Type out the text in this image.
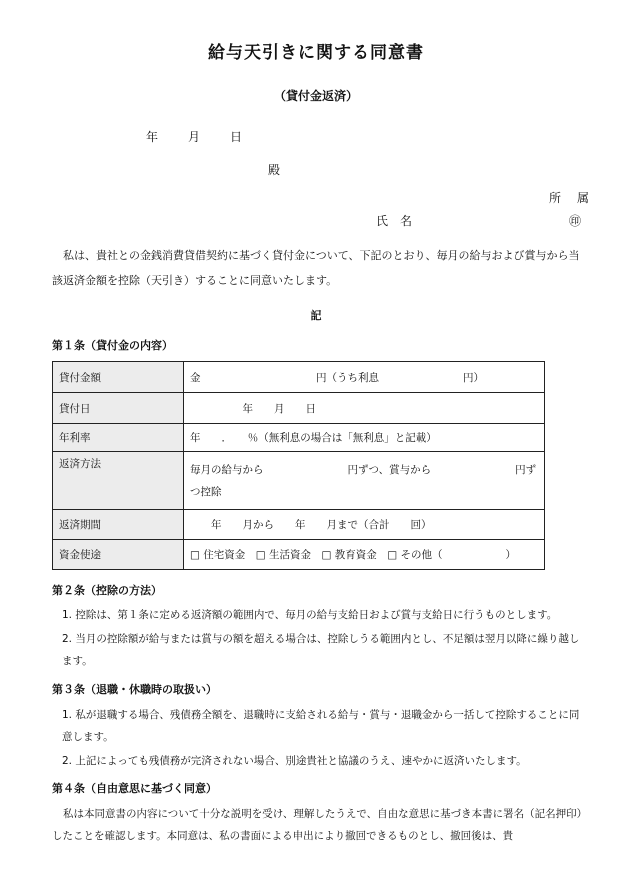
給与天引きに関する同意書
（貸付金返済）
年　　月　　日
殿
所　属
氏　名	㊞
私は、貴社との金銭消費貸借契約に基づく貸付金について、下記のとおり、毎月の給与および賞与から当該返済金額を控除（天引き）することに同意いたします。
記
第１条（貸付金の内容）
貸付金額	金　　　　　　　　　　　円（うち利息　　　　　　　　円）
貸付日	　　　　　年　　月　　日
年利率	年　　．　　％（無利息の場合は「無利息」と記載）
返済方法	毎月の給与から　　　　　　　　円ずつ、賞与から　　　　　　　　円ずつ控除
返済期間	　　年　　月から　　年　　月まで（合計　　回）
資金使途	□ 住宅資金　□ 生活資金　□ 教育資金　□ その他（　　　　　　）
第２条（控除の方法）
1. 控除は、第１条に定める返済額の範囲内で、毎月の給与支給日および賞与支給日に行うものとします。
2. 当月の控除額が給与または賞与の額を超える場合は、控除しうる範囲内とし、不足額は翌月以降に繰り越します。
第３条（退職・休職時の取扱い）
1. 私が退職する場合、残債務全額を、退職時に支給される給与・賞与・退職金から一括して控除することに同意します。
2. 上記によっても残債務が完済されない場合、別途貴社と協議のうえ、速やかに返済いたします。
第４条（自由意思に基づく同意）
私は本同意書の内容について十分な説明を受け、理解したうえで、自由な意思に基づき本書に署名（記名押印）したことを確認します。本同意は、私の書面による申出により撤回できるものとし、撤回後は、貴
